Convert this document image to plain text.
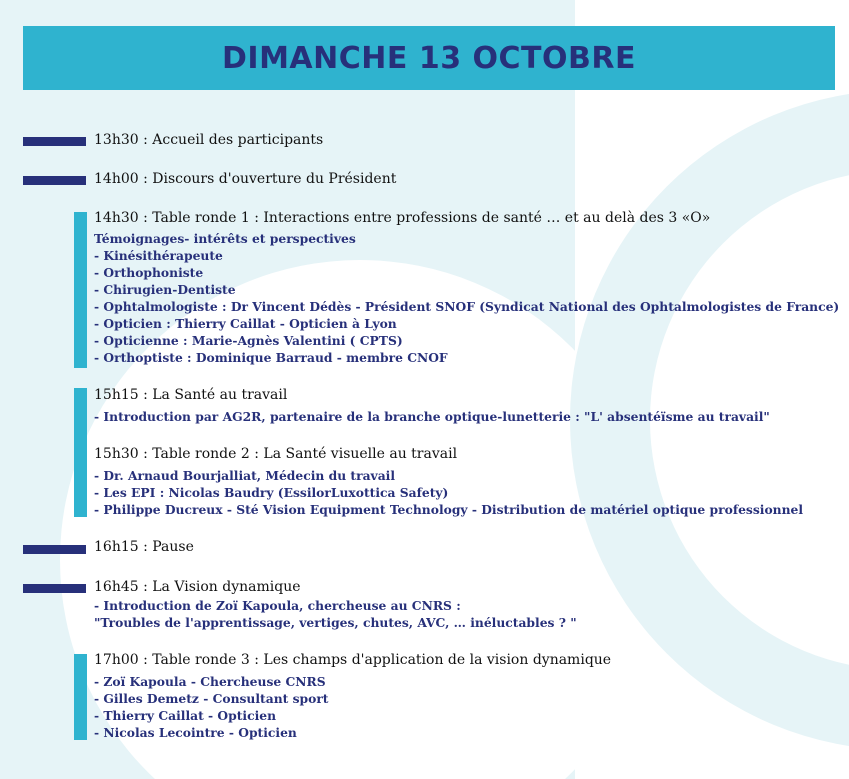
DIMANCHE 13 OCTOBRE
13h30 : Accueil des participants
14h00 : Discours d'ouverture du Président
14h30 : Table ronde 1 : Interactions entre professions de santé … et au delà des 3 «O»
Témoignages- intérêts et perspectives
- Kinésithérapeute
- Orthophoniste
- Chirugien-Dentiste
- Ophtalmologiste : Dr Vincent Dédès - Président SNOF (Syndicat National des Ophtalmologistes de France)
- Opticien : Thierry Caillat - Opticien à Lyon
- Opticienne : Marie-Agnès Valentini ( CPTS)
- Orthoptiste : Dominique Barraud - membre CNOF
15h15 : La Santé au travail
- Introduction par AG2R, partenaire de la branche optique-lunetterie : "L' absentéïsme au travail"
15h30 : Table ronde 2 : La Santé visuelle au travail
- Dr. Arnaud Bourjalliat, Médecin du travail
- Les EPI : Nicolas Baudry (EssilorLuxottica Safety)
- Philippe Ducreux - Sté Vision Equipment Technology - Distribution de matériel optique professionnel
16h15 : Pause
16h45 : La Vision dynamique
- Introduction de Zoï Kapoula, chercheuse au CNRS :
"Troubles de l'apprentissage, vertiges, chutes, AVC, … inéluctables ? "
17h00 : Table ronde 3 : Les champs d'application de la vision dynamique
- Zoï Kapoula - Chercheuse CNRS
- Gilles Demetz - Consultant sport
- Thierry Caillat - Opticien
- Nicolas Lecointre - Opticien
